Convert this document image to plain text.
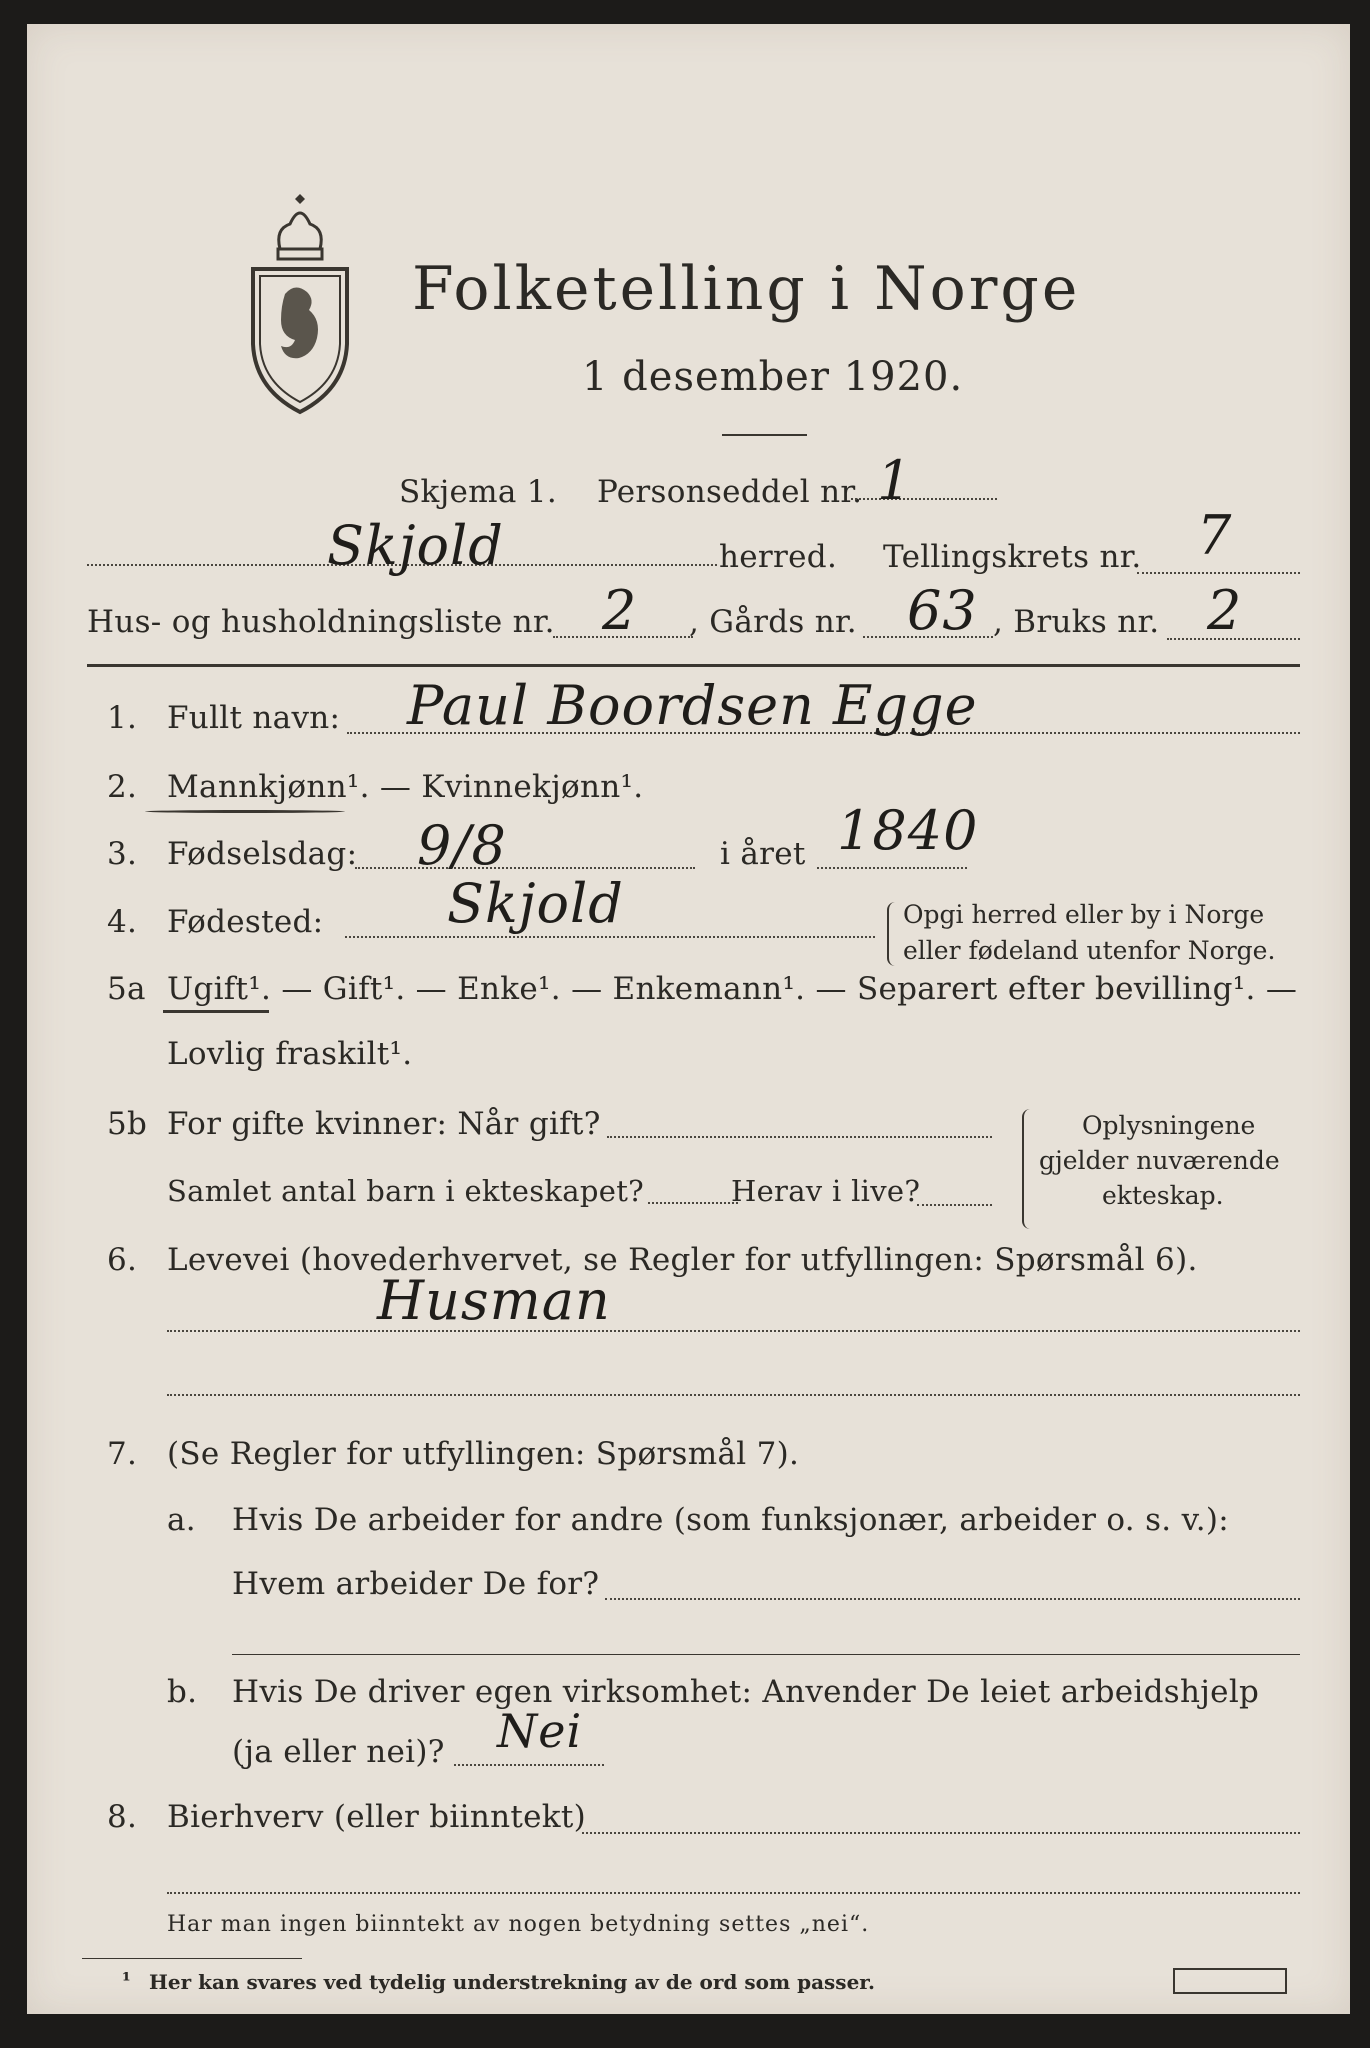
Folketelling i Norge
1 desember 1920.
Skjema 1. Personseddel nr. 1
Skjold	herred. Tellingskrets nr. 7
Hus- og husholdningsliste nr. 2 , Gårds nr. 63 , Bruks nr. 2
1. Fullt navn: Paul Boordsen Egge
2. Mannkjønn¹. — Kvinnekjønn¹.
3. Fødselsdag: 9/8	i året 1840
4. Fødested: Skjold	Opgi herred eller by i Norge
eller fødeland utenfor Norge.
5a Ugift¹. — Gift¹. — Enke¹. — Enkemann¹. — Separert efter bevilling¹. —
Lovlig fraskilt¹.
5b For gifte kvinner: Når gift?
Samlet antal barn i ekteskapet?	Herav i live?
Oplysningene
gjelder nuværende
ekteskap.
6. Levevei (hovederhvervet, se Regler for utfyllingen: Spørsmål 6).
Husman
7. (Se Regler for utfyllingen: Spørsmål 7).
a. Hvis De arbeider for andre (som funksjonær, arbeider o. s. v.):
Hvem arbeider De for?
b. Hvis De driver egen virksomhet: Anvender De leiet arbeidshjelp
(ja eller nei)? Nei
8. Bierhverv (eller biinntekt)
Har man ingen biinntekt av nogen betydning settes „nei“.
¹ Her kan svares ved tydelig understrekning av de ord som passer.
